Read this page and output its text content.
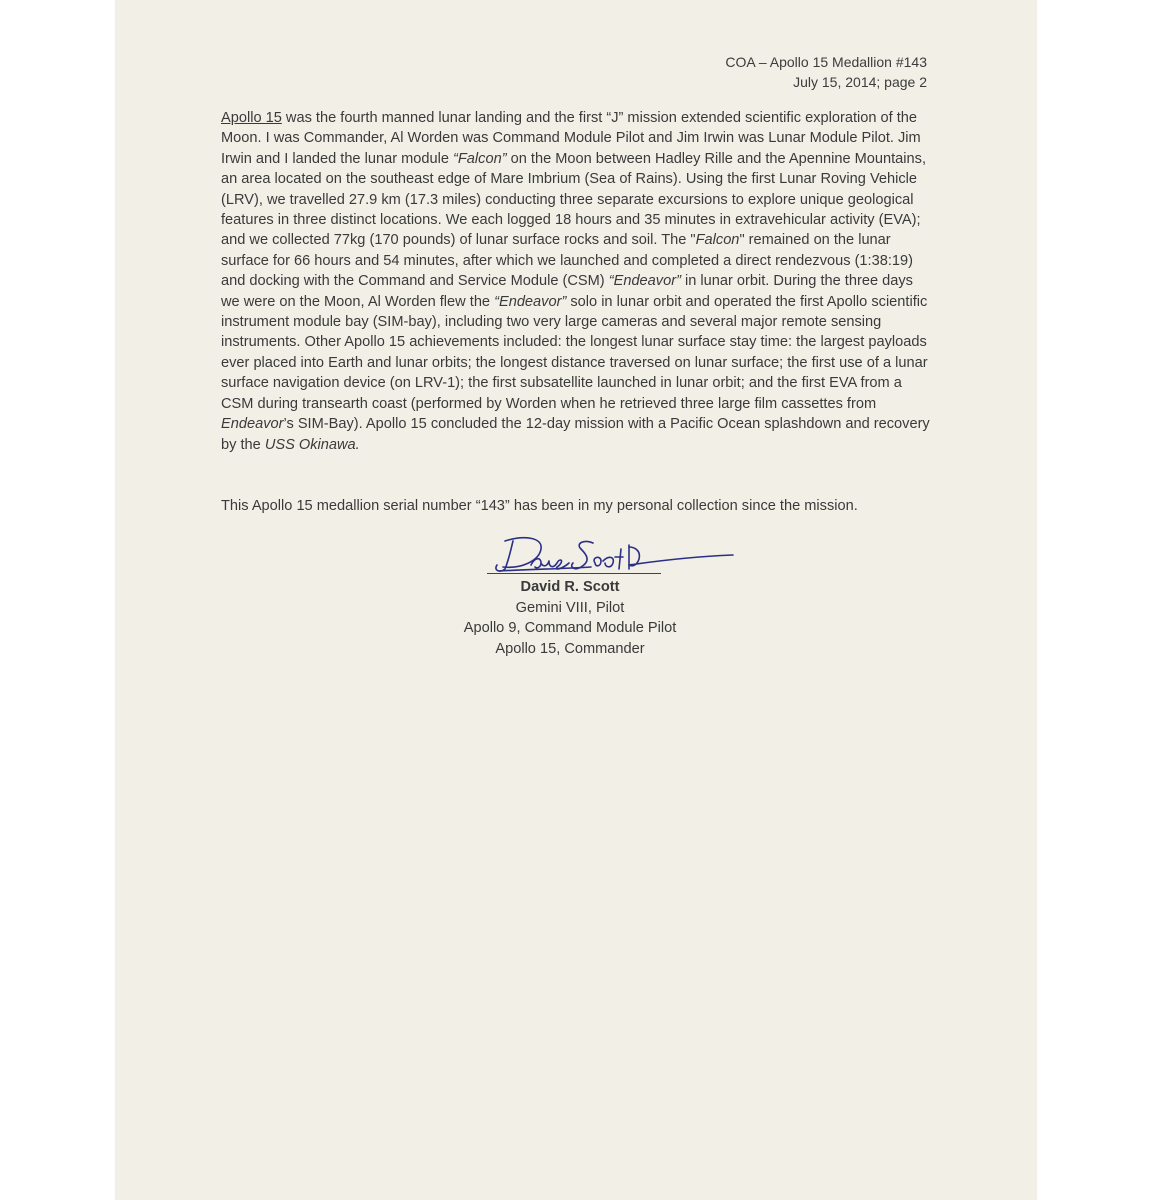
COA – Apollo 15 Medallion #143
July 15, 2014; page 2
Apollo 15 was the fourth manned lunar landing and the first “J” mission extended scientific exploration of the Moon. I was Commander, Al Worden was Command Module Pilot and Jim Irwin was Lunar Module Pilot. Jim Irwin and I landed the lunar module “Falcon” on the Moon between Hadley Rille and the Apennine Mountains, an area located on the southeast edge of Mare Imbrium (Sea of Rains). Using the first Lunar Roving Vehicle (LRV), we travelled 27.9 km (17.3 miles) conducting three separate excursions to explore unique geological features in three distinct locations. We each logged 18 hours and 35 minutes in extravehicular activity (EVA); and we collected 77kg (170 pounds) of lunar surface rocks and soil. The "Falcon" remained on the lunar surface for 66 hours and 54 minutes, after which we launched and completed a direct rendezvous (1:38:19) and docking with the Command and Service Module (CSM) “Endeavor” in lunar orbit. During the three days we were on the Moon, Al Worden flew the “Endeavor” solo in lunar orbit and operated the first Apollo scientific instrument module bay (SIM-bay), including two very large cameras and several major remote sensing instruments. Other Apollo 15 achievements included: the longest lunar surface stay time: the largest payloads ever placed into Earth and lunar orbits; the longest distance traversed on lunar surface; the first use of a lunar surface navigation device (on LRV-1); the first subsatellite launched in lunar orbit; and the first EVA from a CSM during transearth coast (performed by Worden when he retrieved three large film cassettes from Endeavor’s SIM-Bay). Apollo 15 concluded the 12-day mission with a Pacific Ocean splashdown and recovery by the USS Okinawa.
This Apollo 15 medallion serial number “143” has been in my personal collection since the mission.
David R. Scott
Gemini VIII, Pilot
Apollo 9, Command Module Pilot
Apollo 15, Commander
